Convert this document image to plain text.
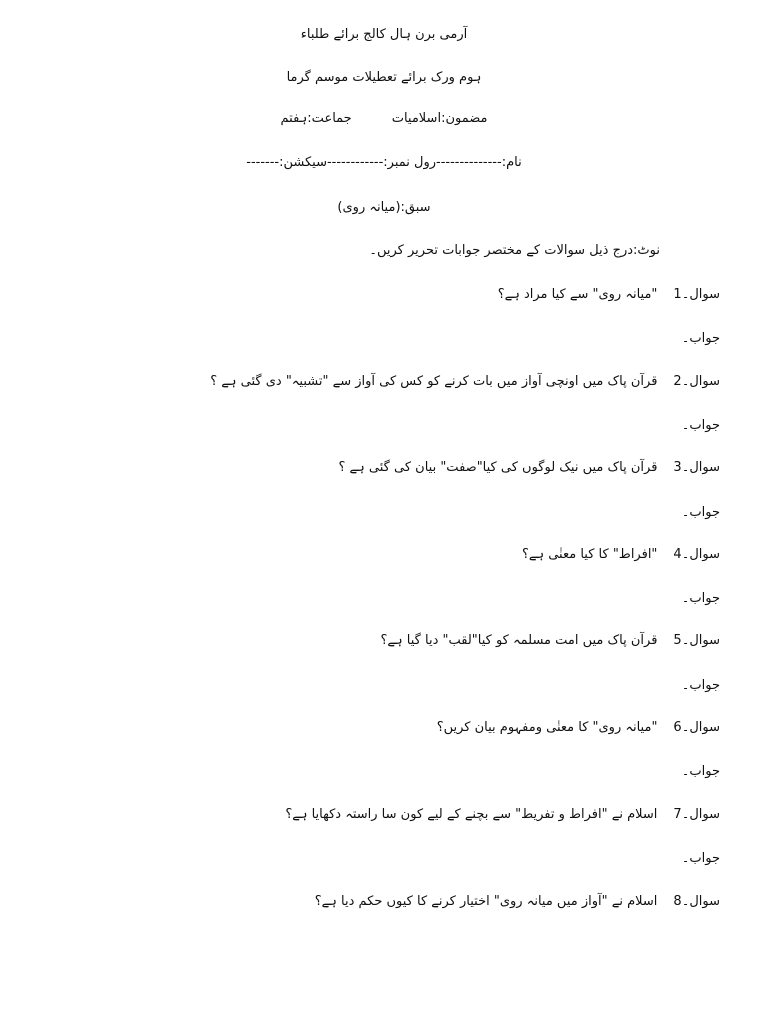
آرمی برن ہال کالج برائے طلباء
ہوم ورک برائے تعطیلات موسم گرما
مضمون:اسلامیاتجماعت:ہفتم
نام:--------------رول نمبر:------------سیکشن:-------
سبق:(میانہ روی)
نوٹ:درج ذیل سوالات کے مختصر جوابات تحریر کریں۔
سوال۔1"میانہ روی" سے کیا مراد ہے؟
جواب۔
سوال۔2قرآن پاک میں اونچی آواز میں بات کرنے کو کس کی آواز سے "تشبیہ" دی گئی ہے ؟
جواب۔
سوال۔3قرآن پاک میں نیک لوگوں کی کیا"صفت" بیان کی گئی ہے ؟
جواب۔
سوال۔4"افراط" کا کیا معنٰی ہے؟
جواب۔
سوال۔5قرآن پاک میں امت مسلمہ کو کیا"لقب" دیا گیا ہے؟
جواب۔
سوال۔6"میانہ روی" کا معنٰی ومفہوم بیان کریں؟
جواب۔
سوال۔7اسلام نے "افراط و تفریط" سے بچنے کے لیے کون سا راستہ دکھایا ہے؟
جواب۔
سوال۔8اسلام نے "آواز میں میانہ روی" اختیار کرنے کا کیوں حکم دیا ہے؟
